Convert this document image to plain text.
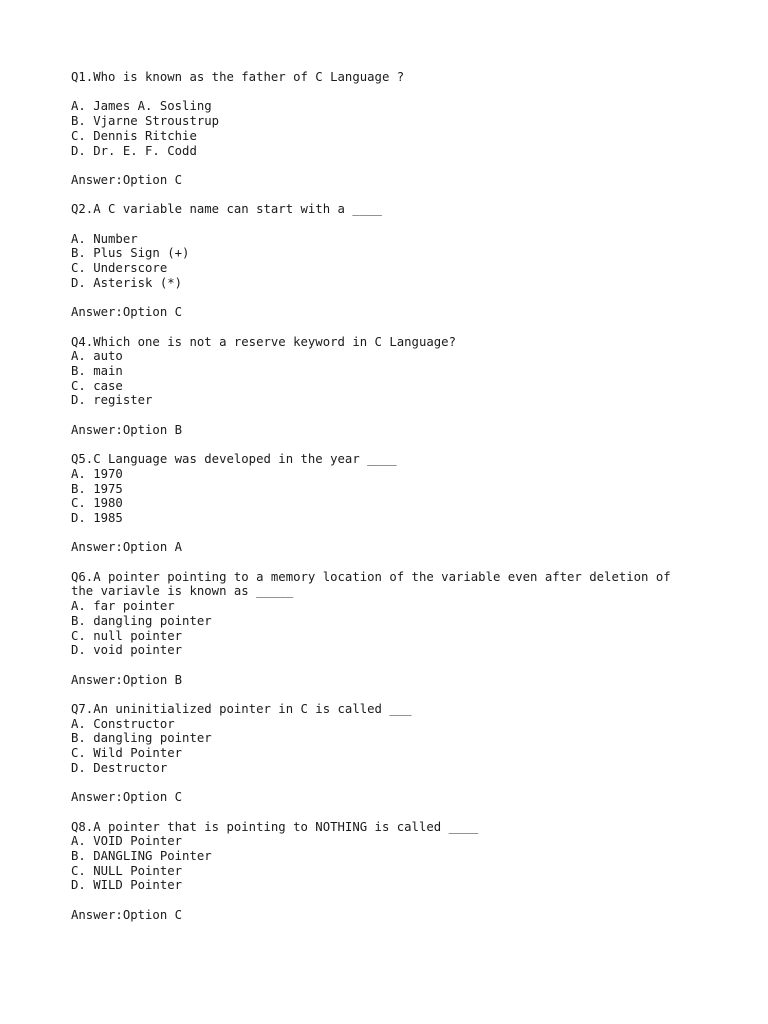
Q1.Who is known as the father of C Language ?
A. James A. Sosling
B. Vjarne Stroustrup
C. Dennis Ritchie
D. Dr. E. F. Codd
Answer:Option C
Q2.A C variable name can start with a ____
A. Number
B. Plus Sign (+)
C. Underscore
D. Asterisk (*)
Answer:Option C
Q4.Which one is not a reserve keyword in C Language?
A. auto
B. main
C. case
D. register
Answer:Option B
Q5.C Language was developed in the year ____
A. 1970
B. 1975
C. 1980
D. 1985
Answer:Option A
Q6.A pointer pointing to a memory location of the variable even after deletion of the variavle is known as _____
A. far pointer
B. dangling pointer
C. null pointer
D. void pointer
Answer:Option B
Q7.An uninitialized pointer in C is called ___
A. Constructor
B. dangling pointer
C. Wild Pointer
D. Destructor
Answer:Option C
Q8.A pointer that is pointing to NOTHING is called ____
A. VOID Pointer
B. DANGLING Pointer
C. NULL Pointer
D. WILD Pointer
Answer:Option C
